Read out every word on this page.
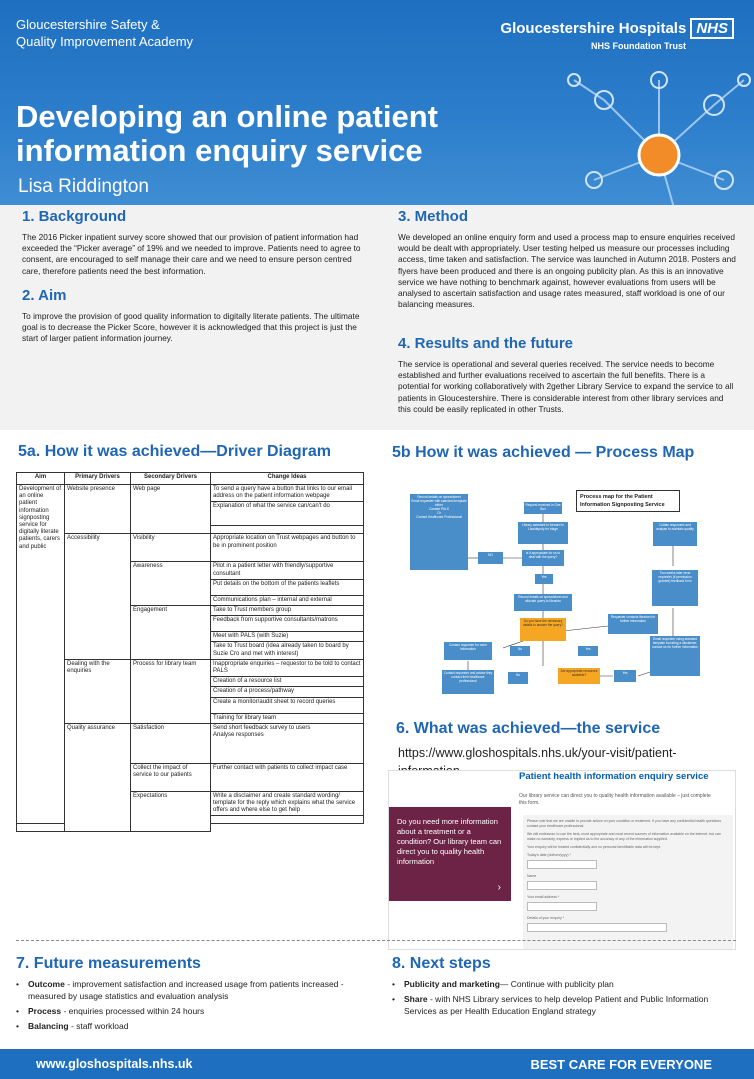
Gloucestershire Safety &
Quality Improvement Academy
Gloucestershire Hospitals NHS
NHS Foundation Trust
Developing an online patient
information enquiry service
Lisa Riddington
1. Background
The 2016 Picker inpatient survey score showed that our provision of patient information had exceeded the “Picker average” of 19% and we needed to improve. Patients need to agree to consent, are encouraged to self manage their care and we need to ensure person centred care, therefore patients need the best information.
2. Aim
To improve the provision of good quality information to digitally literate patients. The ultimate goal is to decrease the Picker Score, however it is acknowledged that this project is just the start of larger patient information journey.
3. Method
We developed an online enquiry form and used a process map to ensure enquiries received would be dealt with appropriately. User testing helped us measure our processes including access, time taken and satisfaction. The service was launched in Autumn 2018. Posters and flyers have been produced and there is an ongoing publicity plan. As this is an innovative service we have nothing to benchmark against, however evaluations from users will be analysed to ascertain satisfaction and usage rates measured, staff workload is one of our balancing measures.
4. Results and the future
The service is operational and several queries received. The service needs to become established and further evaluations received to ascertain the full benefits. There is a potential for working collaboratively with 2gether Library Service to expand the service to all patients in Gloucestershire. There is considerable interest from other library services and this could be easily replicated in other Trusts.
5a. How it was achieved—Driver Diagram
Aim	Primary Drivers	Secondary Drivers	Change Ideas
Development of an online patient information signposting service for digitally literate patients, carers and public	Website presence	Web page	To send a query have a button that links to our email address on the patient information webpage
			Explanation of what the service can/can't do

	Accessibility	Visibility	Appropriate location on Trust webpages and button to be in prominent position
		Awareness	Pilot in a patient letter with friendly/supportive consultant
			Put details on the bottom of the patients leaflets
			Communications plan – internal and external
		Engagement	Take to Trust members group
			Feedback from supportive consultants/matrons
			Meet with PALS (with Suzie)
			Take to Trust board (idea already taken to board by Suzie Cro and met with interest)
	Dealing with the enquiries	Process for library team	Inappropriate enquiries – requestor to be told to contact PALS
			Creation of a resource list
			Creation of a process/pathway
			Create a monitor/audit sheet to record queries
			Training for library team
	Quality assurance	Satisfaction	Send short feedback survey to users
Analyse responses

		Collect the impact of service to our patients	Further contact with patients to collect impact case
		Expectations	Write a disclaimer and create standard wording/ template for the reply which explains what the service offers and where else to get help

5b How it was achieved — Process Map
Process map for the Patient Information Signposting Service
Record details on spreadsheet
Email requester with standard template either
Contact PALS
Or
Contact Healthcare Professional
Request received in One Box
Library assistant to forward to Lisa/deputy for triage
Is it appropriate for us to deal with the query?
NO
Yes
Record details on spreadsheet and allocate query to librarian
Do you have the necessary details to answer the query?
Requester contacts librarian for further information
Collate responses and analyse to maintain quality
Two weeks later send requester (if permission granted) feedback form
Email requester using standard template including a disclaimer, contact us for further information
Contact requester for more information	No	Yes
Contact requester and advise they contact their healthcare professional
Are appropriate resources available?
No	Yes
6. What was achieved—the service
https://www.gloshospitals.nhs.uk/your-visit/patient-
Patient health information enquiry service
Our library service can direct you to quality health information available – just complete this form.
Do you need more information about a treatment or a condition? Our library team can direct you to quality health information
›
Please note that we are unable to provide advice on your condition or treatment. If you have any confidential health questions contact your healthcare professional.
We will endeavour to use the best, most appropriate and most recent sources of information available on the internet, but can make no warranty, express or implied as to the accuracy of any of the information supplied.
Your enquiry will be treated confidentially and no personal identifiable data will be kept.
Today's date (dd/mm/yyyy) *
Name
Your email address *
Details of your enquiry *
7. Future measurements
• Outcome - improvement satisfaction and increased usage from patients increased - measured by usage statistics and evaluation analysis
• Process - enquiries processed within 24 hours
• Balancing - staff workload
8. Next steps
• Publicity and marketing— Continue with publicity plan
• Share - with NHS Library services to help develop Patient and Public Information Services as per Health Education England strategy
www.gloshospitals.nhs.uk	BEST CARE FOR EVERYONE
